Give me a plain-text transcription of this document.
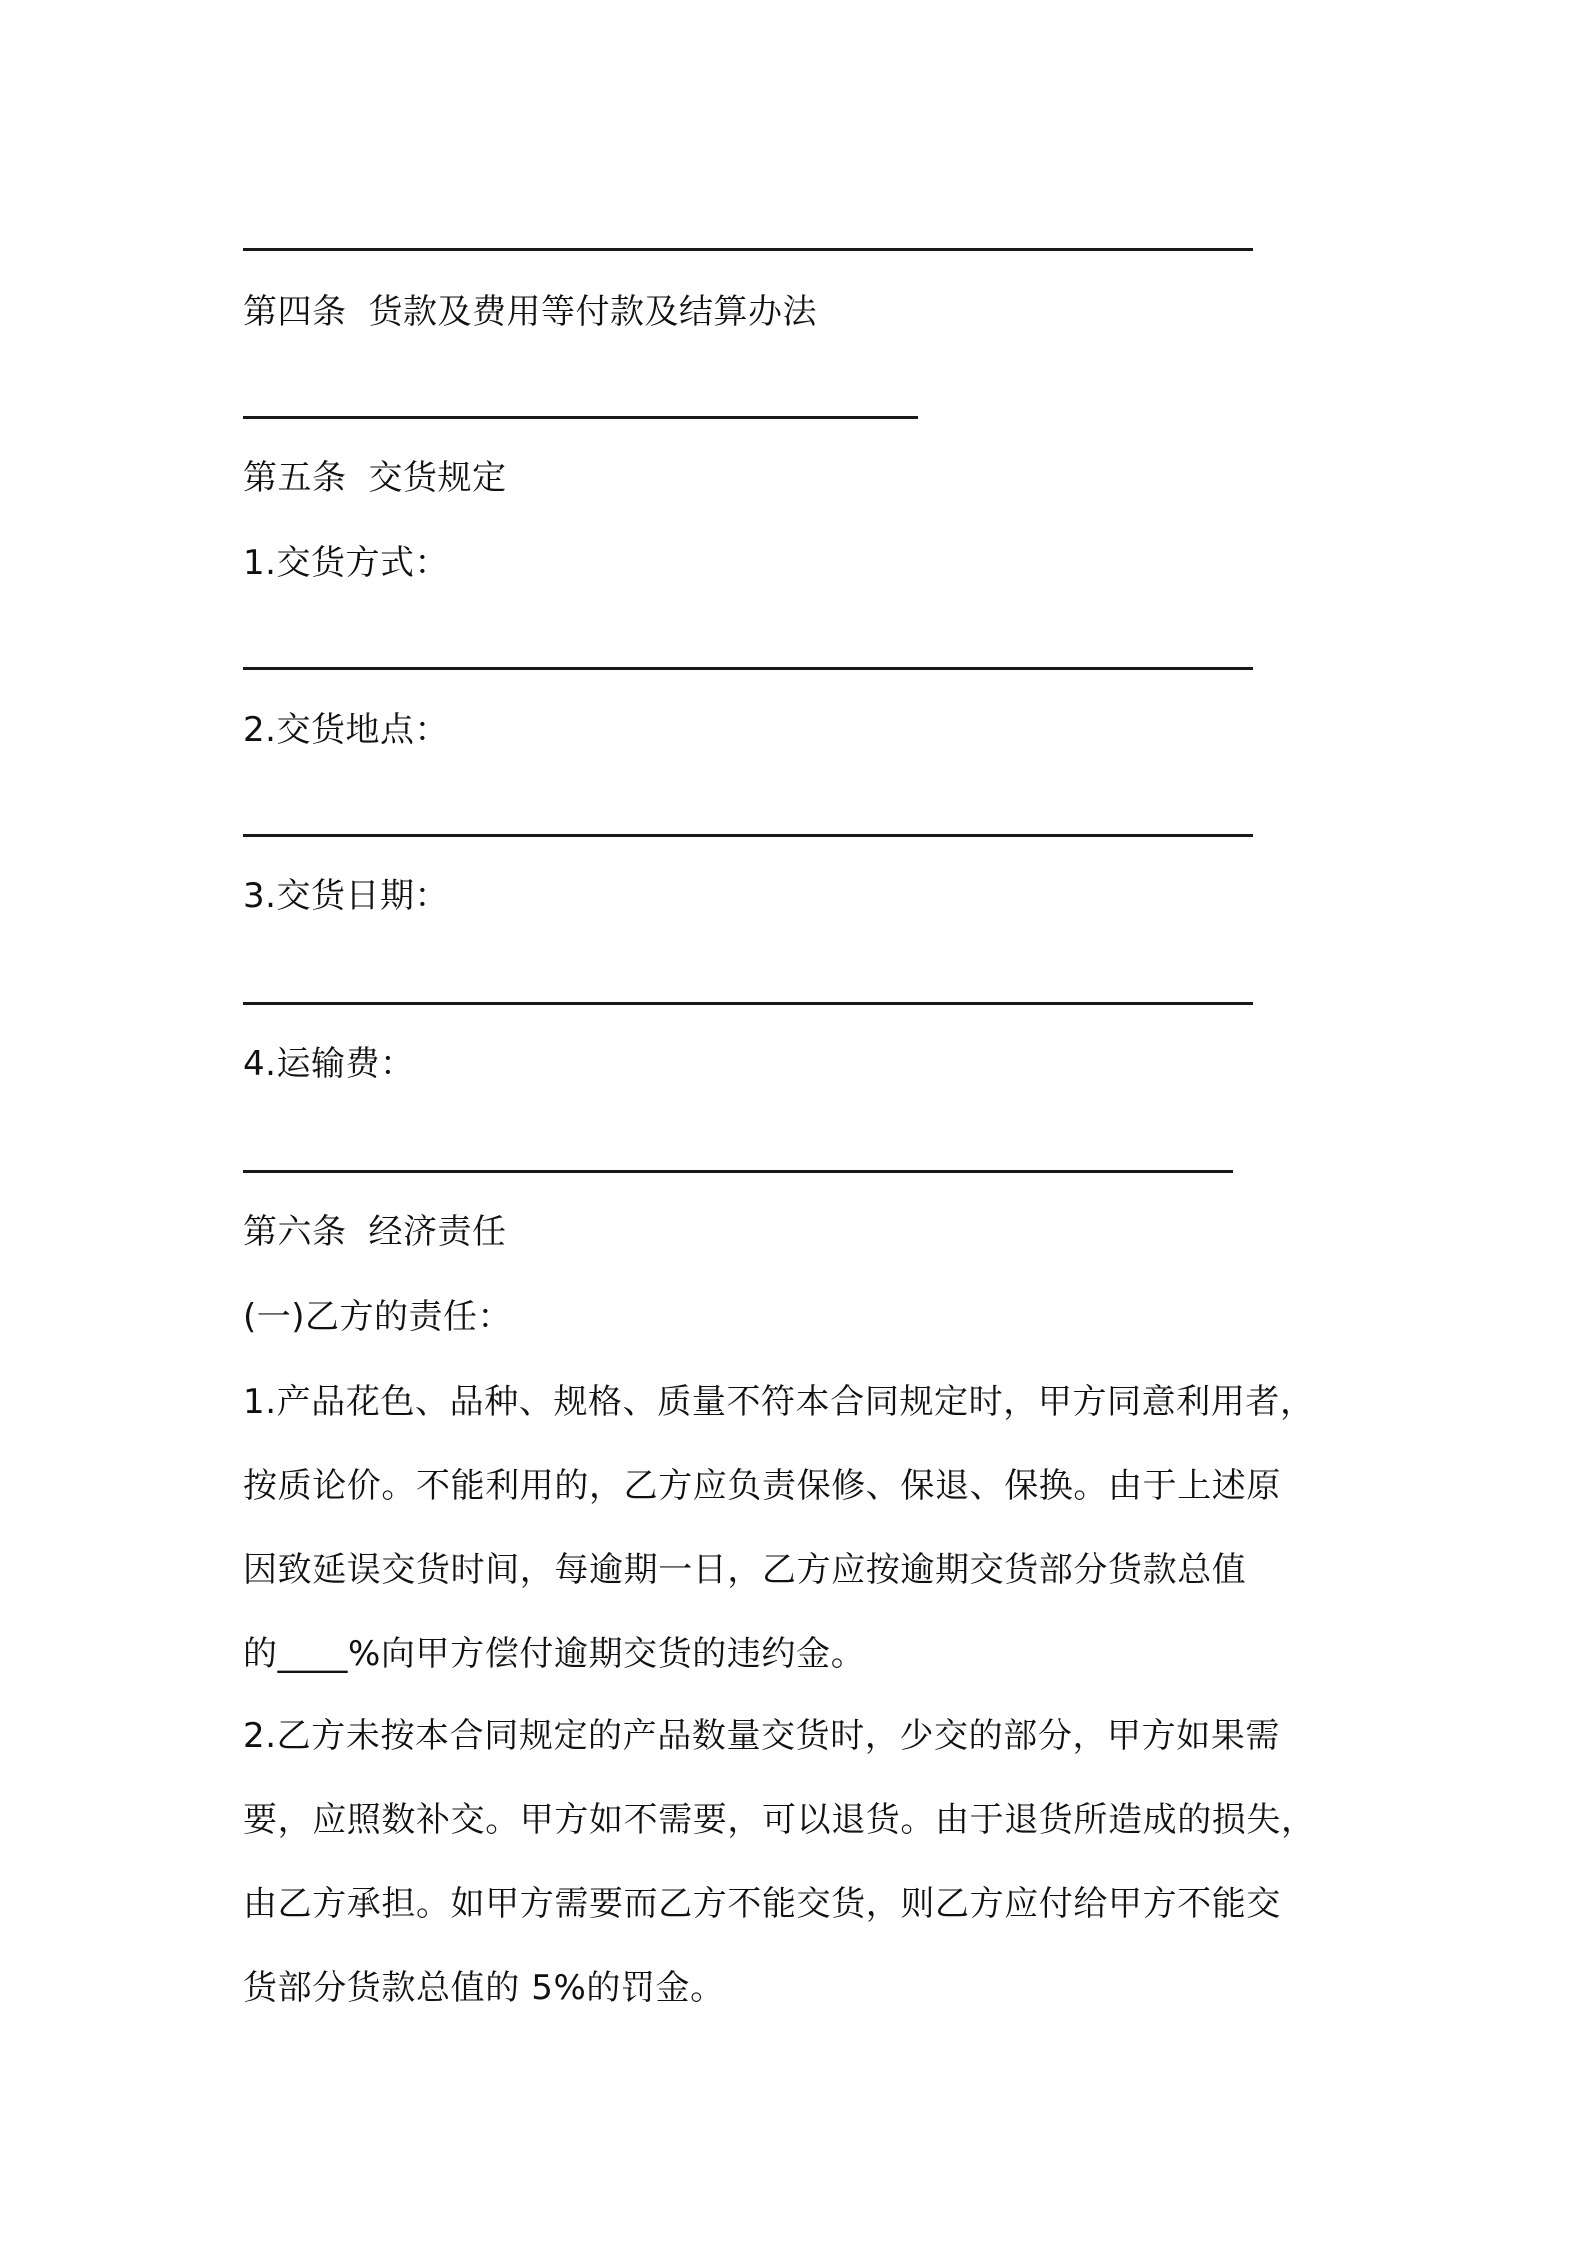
第四条 货款及费用等付款及结算办法
第五条 交货规定
1.交货方式：
2.交货地点：
3.交货日期：
4.运输费：
第六条 经济责任
(一)乙方的责任：
1.产品花色、品种、规格、质量不符本合同规定时，甲方同意利用者，
按质论价。不能利用的，乙方应负责保修、保退、保换。由于上述原
因致延误交货时间，每逾期一日，乙方应按逾期交货部分货款总值
的____%向甲方偿付逾期交货的违约金。
2.乙方未按本合同规定的产品数量交货时，少交的部分，甲方如果需
要，应照数补交。甲方如不需要，可以退货。由于退货所造成的损失，
由乙方承担。如甲方需要而乙方不能交货，则乙方应付给甲方不能交
货部分货款总值的 5%的罚金。
